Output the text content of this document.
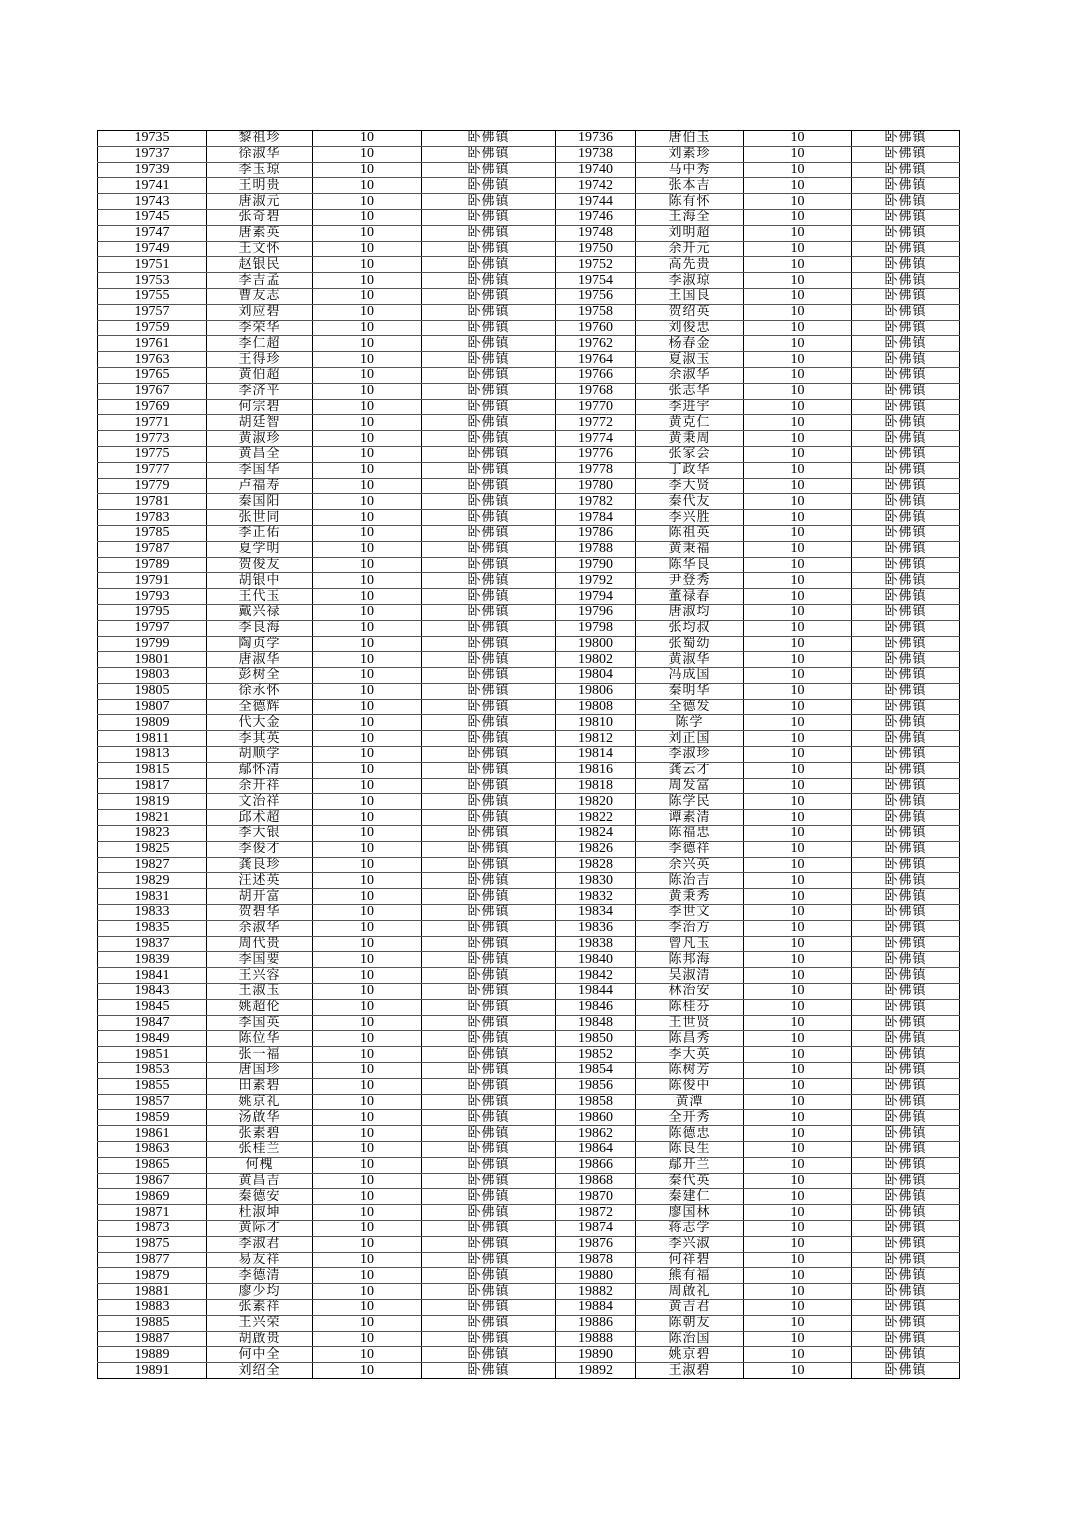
19735	黎祖珍	10	卧佛镇	19736	唐伯玉	10	卧佛镇
19737	徐淑华	10	卧佛镇	19738	刘素珍	10	卧佛镇
19739	李玉琼	10	卧佛镇	19740	马中秀	10	卧佛镇
19741	王明贵	10	卧佛镇	19742	张本吉	10	卧佛镇
19743	唐淑元	10	卧佛镇	19744	陈有怀	10	卧佛镇
19745	张奇碧	10	卧佛镇	19746	王海全	10	卧佛镇
19747	唐素英	10	卧佛镇	19748	刘明超	10	卧佛镇
19749	王文怀	10	卧佛镇	19750	余开元	10	卧佛镇
19751	赵银民	10	卧佛镇	19752	高先贵	10	卧佛镇
19753	李吉孟	10	卧佛镇	19754	李淑琼	10	卧佛镇
19755	曹友志	10	卧佛镇	19756	王国良	10	卧佛镇
19757	刘应碧	10	卧佛镇	19758	贺绍英	10	卧佛镇
19759	李荣华	10	卧佛镇	19760	刘俊忠	10	卧佛镇
19761	李仁超	10	卧佛镇	19762	杨春金	10	卧佛镇
19763	王得珍	10	卧佛镇	19764	夏淑玉	10	卧佛镇
19765	黄伯超	10	卧佛镇	19766	余淑华	10	卧佛镇
19767	李济平	10	卧佛镇	19768	张志华	10	卧佛镇
19769	何宗碧	10	卧佛镇	19770	李进宇	10	卧佛镇
19771	胡廷智	10	卧佛镇	19772	黄克仁	10	卧佛镇
19773	黄淑珍	10	卧佛镇	19774	黄秉周	10	卧佛镇
19775	黄昌全	10	卧佛镇	19776	张家会	10	卧佛镇
19777	李国华	10	卧佛镇	19778	丁政华	10	卧佛镇
19779	卢福寿	10	卧佛镇	19780	李大贤	10	卧佛镇
19781	秦国阳	10	卧佛镇	19782	秦代友	10	卧佛镇
19783	张世同	10	卧佛镇	19784	李兴胜	10	卧佛镇
19785	李正佑	10	卧佛镇	19786	陈祖英	10	卧佛镇
19787	夏学明	10	卧佛镇	19788	黄秉福	10	卧佛镇
19789	贺俊友	10	卧佛镇	19790	陈华良	10	卧佛镇
19791	胡银中	10	卧佛镇	19792	尹登秀	10	卧佛镇
19793	王代玉	10	卧佛镇	19794	董禄春	10	卧佛镇
19795	戴兴禄	10	卧佛镇	19796	唐淑均	10	卧佛镇
19797	李良海	10	卧佛镇	19798	张均叔	10	卧佛镇
19799	陶贞学	10	卧佛镇	19800	张蜀幼	10	卧佛镇
19801	唐淑华	10	卧佛镇	19802	黄淑华	10	卧佛镇
19803	彭树全	10	卧佛镇	19804	冯成国	10	卧佛镇
19805	徐永怀	10	卧佛镇	19806	秦明华	10	卧佛镇
19807	全德辉	10	卧佛镇	19808	全德发	10	卧佛镇
19809	代大金	10	卧佛镇	19810	陈学	10	卧佛镇
19811	李其英	10	卧佛镇	19812	刘正国	10	卧佛镇
19813	胡顺学	10	卧佛镇	19814	李淑珍	10	卧佛镇
19815	鄢怀清	10	卧佛镇	19816	龚云才	10	卧佛镇
19817	余开祥	10	卧佛镇	19818	周发富	10	卧佛镇
19819	文治祥	10	卧佛镇	19820	陈学民	10	卧佛镇
19821	邱术超	10	卧佛镇	19822	谭素清	10	卧佛镇
19823	李大银	10	卧佛镇	19824	陈福忠	10	卧佛镇
19825	李俊才	10	卧佛镇	19826	李德祥	10	卧佛镇
19827	龚良珍	10	卧佛镇	19828	余兴英	10	卧佛镇
19829	汪述英	10	卧佛镇	19830	陈治吉	10	卧佛镇
19831	胡开富	10	卧佛镇	19832	黄秉秀	10	卧佛镇
19833	贺碧华	10	卧佛镇	19834	李世文	10	卧佛镇
19835	余淑华	10	卧佛镇	19836	李治方	10	卧佛镇
19837	周代贵	10	卧佛镇	19838	曾凡玉	10	卧佛镇
19839	李国要	10	卧佛镇	19840	陈邦海	10	卧佛镇
19841	王兴容	10	卧佛镇	19842	吴淑清	10	卧佛镇
19843	王淑玉	10	卧佛镇	19844	林治安	10	卧佛镇
19845	姚超伦	10	卧佛镇	19846	陈桂芬	10	卧佛镇
19847	李国英	10	卧佛镇	19848	王世贤	10	卧佛镇
19849	陈位华	10	卧佛镇	19850	陈昌秀	10	卧佛镇
19851	张一福	10	卧佛镇	19852	李大英	10	卧佛镇
19853	唐国珍	10	卧佛镇	19854	陈树芳	10	卧佛镇
19855	田素碧	10	卧佛镇	19856	陈俊中	10	卧佛镇
19857	姚京礼	10	卧佛镇	19858	黄潭	10	卧佛镇
19859	汤啟华	10	卧佛镇	19860	全开秀	10	卧佛镇
19861	张素碧	10	卧佛镇	19862	陈德忠	10	卧佛镇
19863	张桂兰	10	卧佛镇	19864	陈良生	10	卧佛镇
19865	何槐	10	卧佛镇	19866	鄢开兰	10	卧佛镇
19867	黄昌吉	10	卧佛镇	19868	秦代英	10	卧佛镇
19869	秦德安	10	卧佛镇	19870	秦建仁	10	卧佛镇
19871	杜淑坤	10	卧佛镇	19872	廖国林	10	卧佛镇
19873	黄际才	10	卧佛镇	19874	蒋志学	10	卧佛镇
19875	李淑君	10	卧佛镇	19876	李兴淑	10	卧佛镇
19877	易友祥	10	卧佛镇	19878	何祥碧	10	卧佛镇
19879	李德清	10	卧佛镇	19880	熊有福	10	卧佛镇
19881	廖少均	10	卧佛镇	19882	周啟礼	10	卧佛镇
19883	张素祥	10	卧佛镇	19884	黄吉君	10	卧佛镇
19885	王兴荣	10	卧佛镇	19886	陈朝友	10	卧佛镇
19887	胡啟贵	10	卧佛镇	19888	陈治国	10	卧佛镇
19889	何中全	10	卧佛镇	19890	姚京碧	10	卧佛镇
19891	刘绍全	10	卧佛镇	19892	王淑碧	10	卧佛镇
